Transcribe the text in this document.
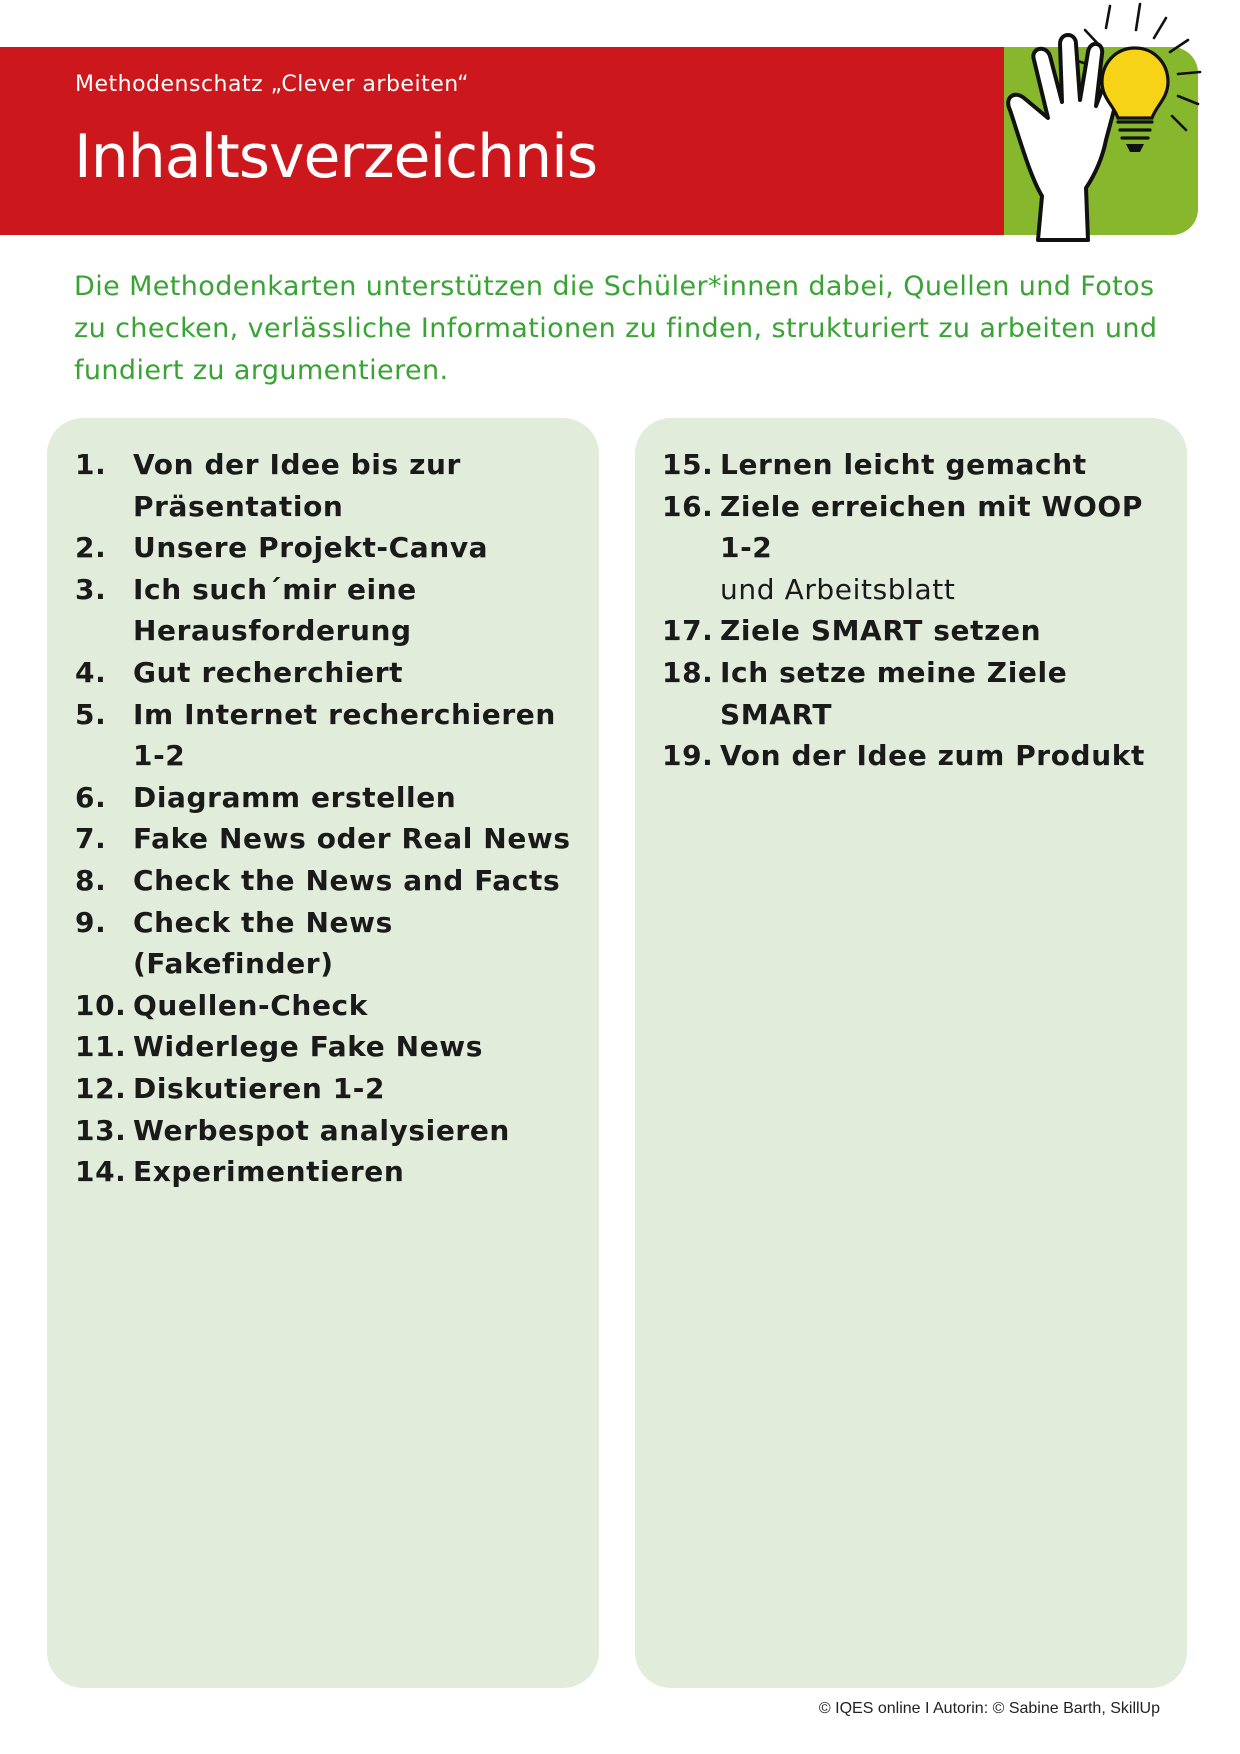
Methodenschatz „Clever arbeiten“
Inhaltsverzeichnis

Die Methodenkarten unterstützen die Schüler*innen dabei, Quellen und Fotos zu checken, verlässliche Informationen zu finden, strukturiert zu arbeiten und fundiert zu argumentieren.

1. Von der Idee bis zur Präsentation
2. Unsere Projekt-Canva
3. Ich such´mir eine Herausforderung
4. Gut recherchiert
5. Im Internet recherchieren 1-2
6. Diagramm erstellen
7. Fake News oder Real News
8. Check the News and Facts
9. Check the News (Fakefinder)
10. Quellen-Check
11. Widerlege Fake News
12. Diskutieren 1-2
13. Werbespot analysieren
14. Experimentieren
15. Lernen leicht gemacht
16. Ziele erreichen mit WOOP 1-2
und Arbeitsblatt
17. Ziele SMART setzen
18. Ich setze meine Ziele SMART
19. Von der Idee zum Produkt
© IQES online I Autorin: © Sabine Barth, SkillUp
